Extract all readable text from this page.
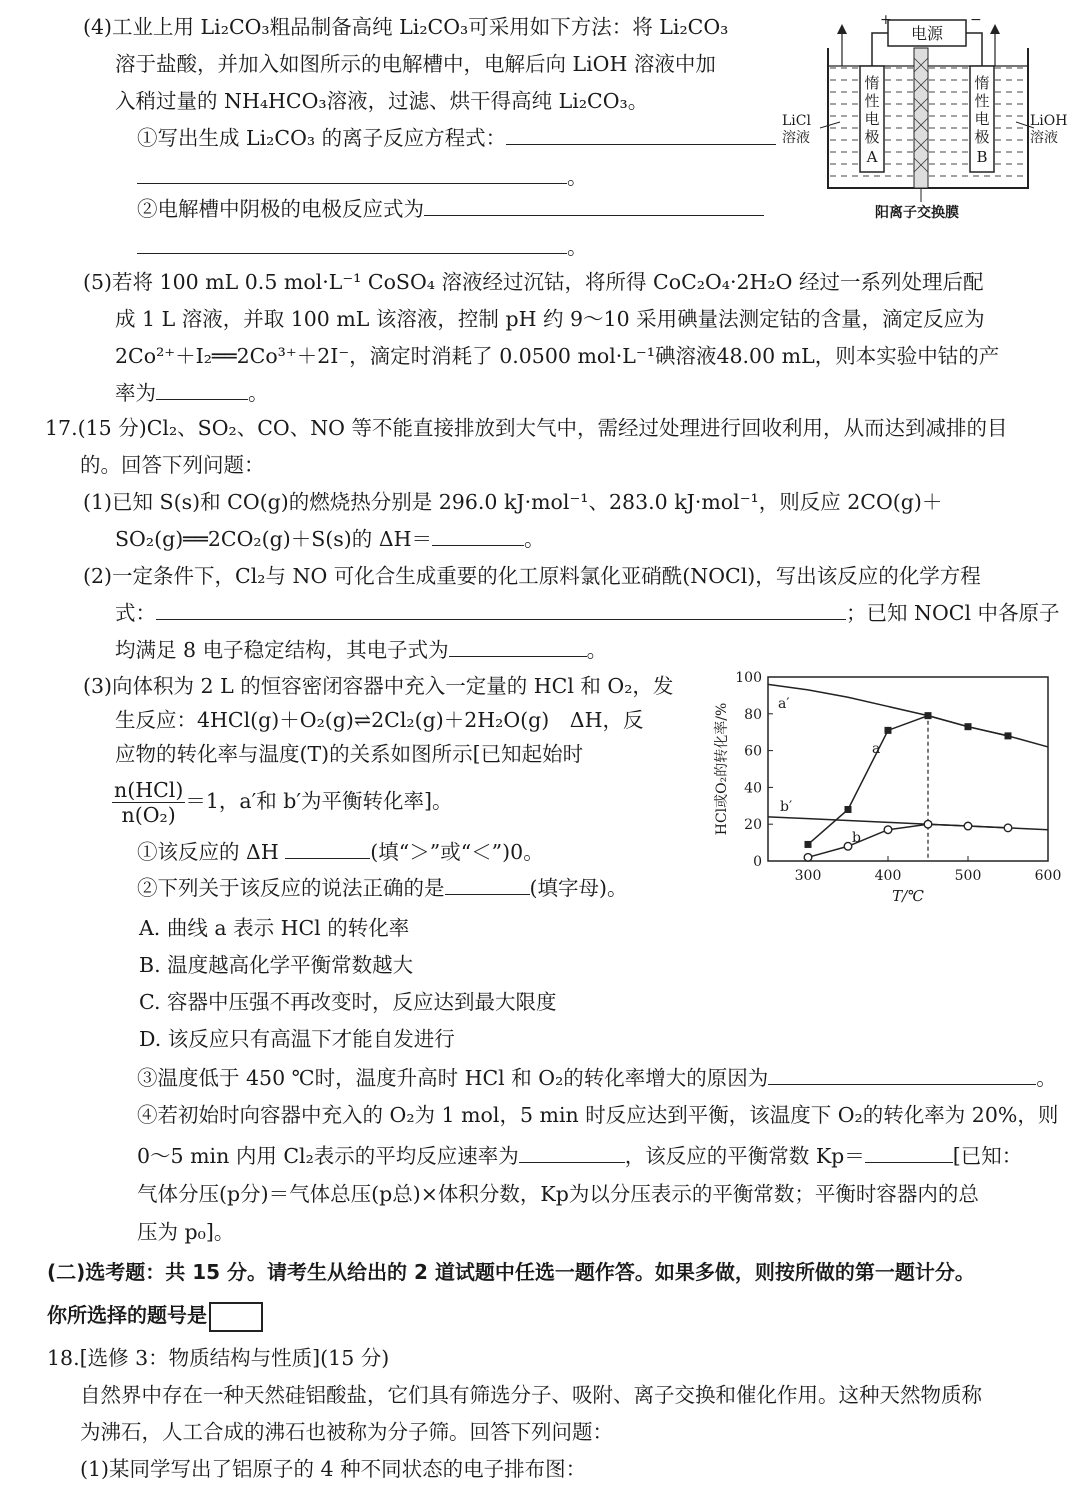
(4)工业上用 Li₂CO₃粗品制备高纯 Li₂CO₃可采用如下方法：将 Li₂CO₃
溶于盐酸，并加入如图所示的电解槽中，电解后向 LiOH 溶液中加
入稍过量的 NH₄HCO₃溶液，过滤、烘干得高纯 Li₂CO₃。
①写出生成 Li₂CO₃ 的离子反应方程式：
。
②电解槽中阴极的电极反应式为
。
电源
+	−
惰
性
电
极
A
惰
性
电
极
B
LiCl
溶液
LiOH
溶液
阳离子交换膜
(5)若将 100 mL 0.5 mol·L⁻¹ CoSO₄ 溶液经过沉钴，将所得 CoC₂O₄·2H₂O 经过一系列处理后配
成 1 L 溶液，并取 100 mL 该溶液，控制 pH 约 9～10 采用碘量法测定钴的含量，滴定反应为
2Co²⁺＋I₂══2Co³⁺＋2I⁻，滴定时消耗了 0.0500 mol·L⁻¹碘溶液48.00 mL，则本实验中钴的产
率为	。
17.(15 分)Cl₂、SO₂、CO、NO 等不能直接排放到大气中，需经过处理进行回收利用，从而达到减排的目
的。回答下列问题：
(1)已知 S(s)和 CO(g)的燃烧热分别是 296.0 kJ·mol⁻¹、283.0 kJ·mol⁻¹，则反应 2CO(g)＋
SO₂(g)══2CO₂(g)＋S(s)的 ΔH＝	。
(2)一定条件下，Cl₂与 NO 可化合生成重要的化工原料氯化亚硝酰(NOCl)，写出该反应的化学方程
式：	；已知 NOCl 中各原子
均满足 8 电子稳定结构，其电子式为	。
(3)向体积为 2 L 的恒容密闭容器中充入一定量的 HCl 和 O₂，发
生反应：4HCl(g)＋O₂(g)⇌2Cl₂(g)＋2H₂O(g)　ΔH，反
应物的转化率与温度(T)的关系如图所示[已知起始时
$\frac{\text{n(HCl)}}{\text{n(O₂)}} =1$，a′和 b′为平衡转化率]。
①该反应的 ΔH	(填“＞”或“＜”)0。
②下列关于该反应的说法正确的是	(填字母)。
A. 曲线 a 表示 HCl 的转化率
B. 温度越高化学平衡常数越大
C. 容器中压强不再改变时，反应达到最大限度
D. 该反应只有高温下才能自发进行
③温度低于 450 ℃时，温度升高时 HCl 和 O₂的转化率增大的原因为	。
④若初始时向容器中充入的 O₂为 1 mol，5 min 时反应达到平衡，该温度下 O₂的转化率为 20%，则
0～5 min 内用 Cl₂表示的平均反应速率为	，该反应的平衡常数 Kp＝	[已知：
气体分压(p分)＝气体总压(p总)×体积分数，Kp为以分压表示的平衡常数；平衡时容器内的总
压为 p₀]。
300	400	500	600
0
20
40
60
80
100
a′
a
b′
b
HCl或O₂的转化率/%
T/℃
(二)选考题：共 15 分。请考生从给出的 2 道试题中任选一题作答。如果多做，则按所做的第一题计分。
你所选择的题号是
18.[选修 3：物质结构与性质](15 分)
自然界中存在一种天然硅铝酸盐，它们具有筛选分子、吸附、离子交换和催化作用。这种天然物质称
为沸石，人工合成的沸石也被称为分子筛。回答下列问题：
(1)某同学写出了铝原子的 4 种不同状态的电子排布图：
